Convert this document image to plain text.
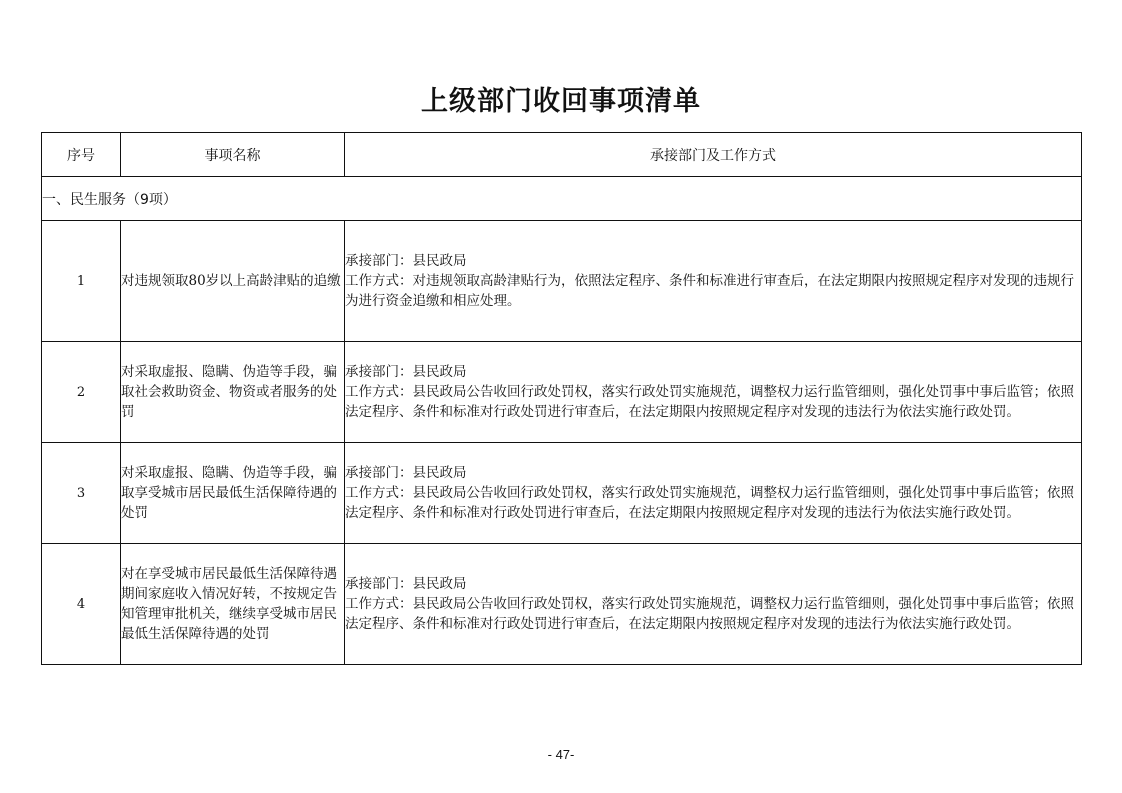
上级部门收回事项清单
序号	事项名称	承接部门及工作方式
一、民生服务（9项）		
1	对违规领取80岁以上高龄津贴的追缴	承接部门：县民政局
工作方式：对违规领取高龄津贴行为，依照法定程序、条件和标准进行审查后，在法定期限内按照规定程序对发现的违规行为进行资金追缴和相应处理。

2	对采取虚报、隐瞒、伪造等手段，骗取社会救助资金、物资或者服务的处罚	承接部门：县民政局
工作方式：县民政局公告收回行政处罚权，落实行政处罚实施规范，调整权力运行监管细则，强化处罚事中事后监管；依照法定程序、条件和标准对行政处罚进行审查后，在法定期限内按照规定程序对发现的违法行为依法实施行政处罚。

3	对采取虚报、隐瞒、伪造等手段，骗取享受城市居民最低生活保障待遇的处罚	承接部门：县民政局
工作方式：县民政局公告收回行政处罚权，落实行政处罚实施规范，调整权力运行监管细则，强化处罚事中事后监管；依照法定程序、条件和标准对行政处罚进行审查后，在法定期限内按照规定程序对发现的违法行为依法实施行政处罚。

4	对在享受城市居民最低生活保障待遇期间家庭收入情况好转，不按规定告知管理审批机关，继续享受城市居民最低生活保障待遇的处罚	承接部门：县民政局
工作方式：县民政局公告收回行政处罚权，落实行政处罚实施规范，调整权力运行监管细则，强化处罚事中事后监管；依照法定程序、条件和标准对行政处罚进行审查后，在法定期限内按照规定程序对发现的违法行为依法实施行政处罚。
- 47-
